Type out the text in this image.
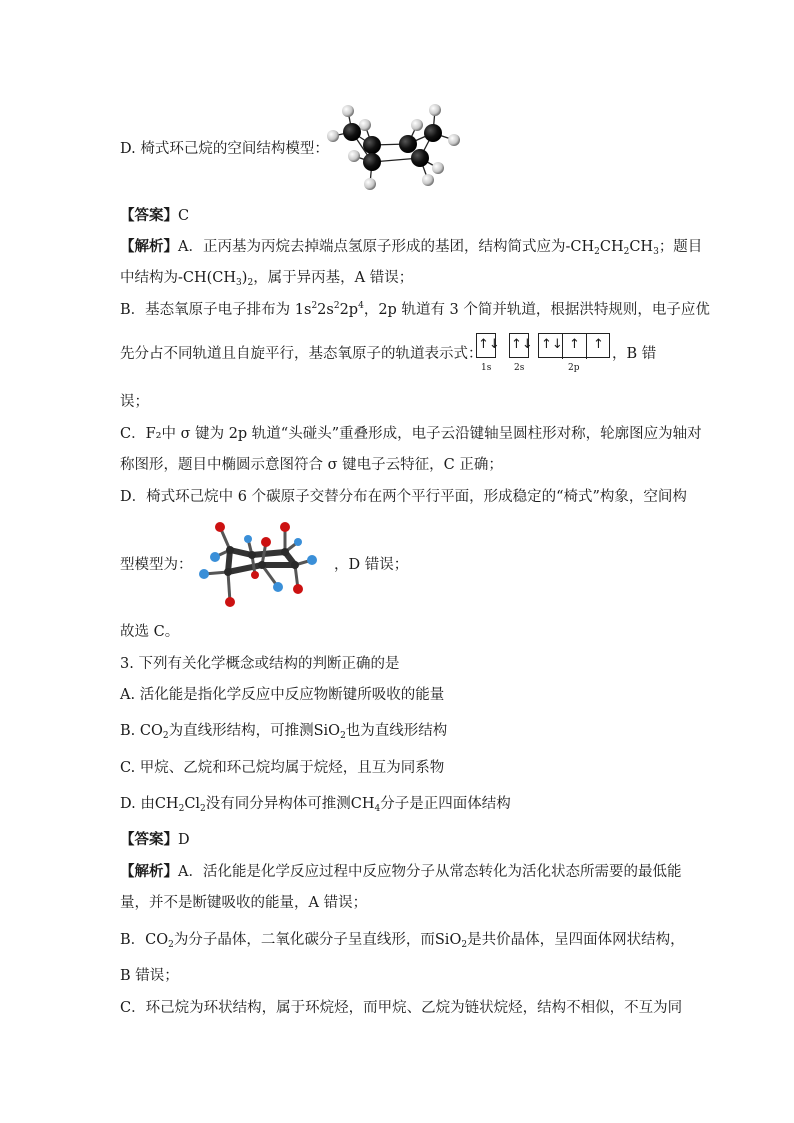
D. 椅式环己烷的空间结构模型：
【答案】C
【解析】A．正丙基为丙烷去掉端点氢原子形成的基团，结构简式应为$-CH_2CH_2CH_3$ ；题目
中结构为$-CH(CH_3)_2$，属于异丙基，A 错误；
B．基态氧原子电子排布为 $1s^22s^22p^4$ ，2p 轨道有 3 个简并轨道，根据洪特规则，电子应优
先分占不同轨道且自旋平行，基态氧原子的轨道表示式：
↑↓ ↑↓ ↑↓ ↑ ↑
1s	2s	2p
，B 错
误；
C．F₂中 σ 键为 2p 轨道“头碰头”重叠形成，电子云沿键轴呈圆柱形对称，轮廓图应为轴对
称图形，题目中椭圆示意图符合 σ 键电子云特征，C 正确；
D．椅式环己烷中 6 个碳原子交替分布在两个平行平面，形成稳定的“椅式”构象，空间构
型模型为：	，D 错误；
故选 C。
3. 下列有关化学概念或结构的判断正确的是
A. 活化能是指化学反应中反应物断键所吸收的能量
B. $CO_2$为直线形结构，可推测SiO$_2$也为直线形结构
C. 甲烷、乙烷和环己烷均属于烷烃，且互为同系物
D. 由$CH_2Cl_2$没有同分异构体可推测$CH_4$分子是正四面体结构
【答案】D
【解析】A．活化能是化学反应过程中反应物分子从常态转化为活化状态所需要的最低能
量，并不是断键吸收的能量，A 错误；
B．$CO_2$为分子晶体，二氧化碳分子呈直线形，而SiO$_2$是共价晶体，呈四面体网状结构，
B 错误；
C．环己烷为环状结构，属于环烷烃，而甲烷、乙烷为链状烷烃，结构不相似，不互为同
